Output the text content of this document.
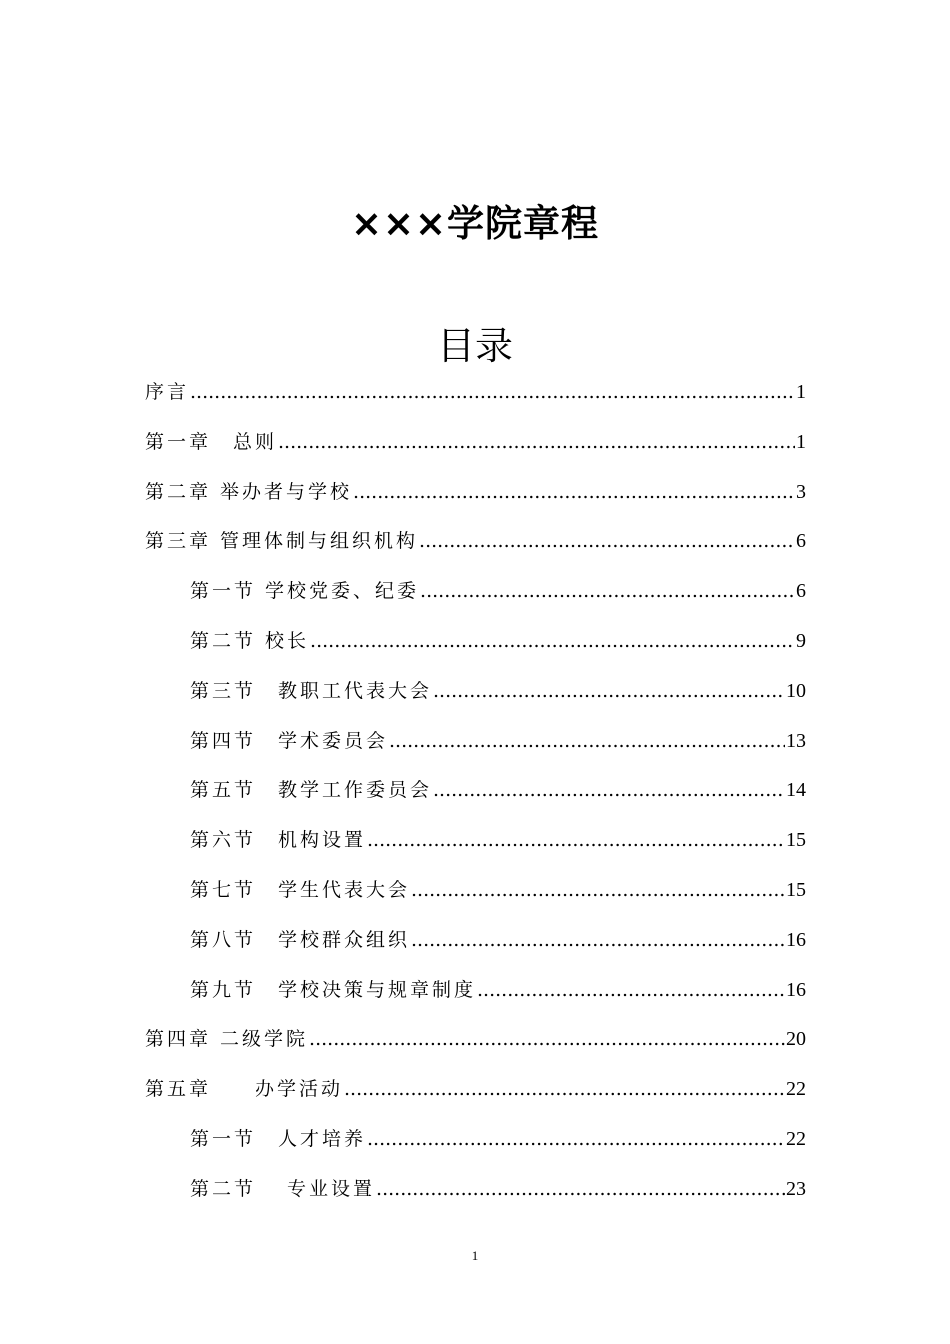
×××学院章程
目录
序言 .....	1
第一章　总则 .....	1
第二章 举办者与学校 .....	3
第三章 管理体制与组织机构 .....	6
第一节 学校党委、纪委 .....	6
第二节 校长 .....	9
第三节　教职工代表大会 .....	10
第四节　学术委员会 .....	13
第五节　教学工作委员会 .....	14
第六节　机构设置 .....	15
第七节　学生代表大会 .....	15
第八节　学校群众组织 .....	16
第九节　学校决策与规章制度 .....	16
第四章 二级学院 .....	20
第五章　　办学活动 .....	22
第一节　人才培养 .....	22
第二节　 专业设置 .....	23
1
